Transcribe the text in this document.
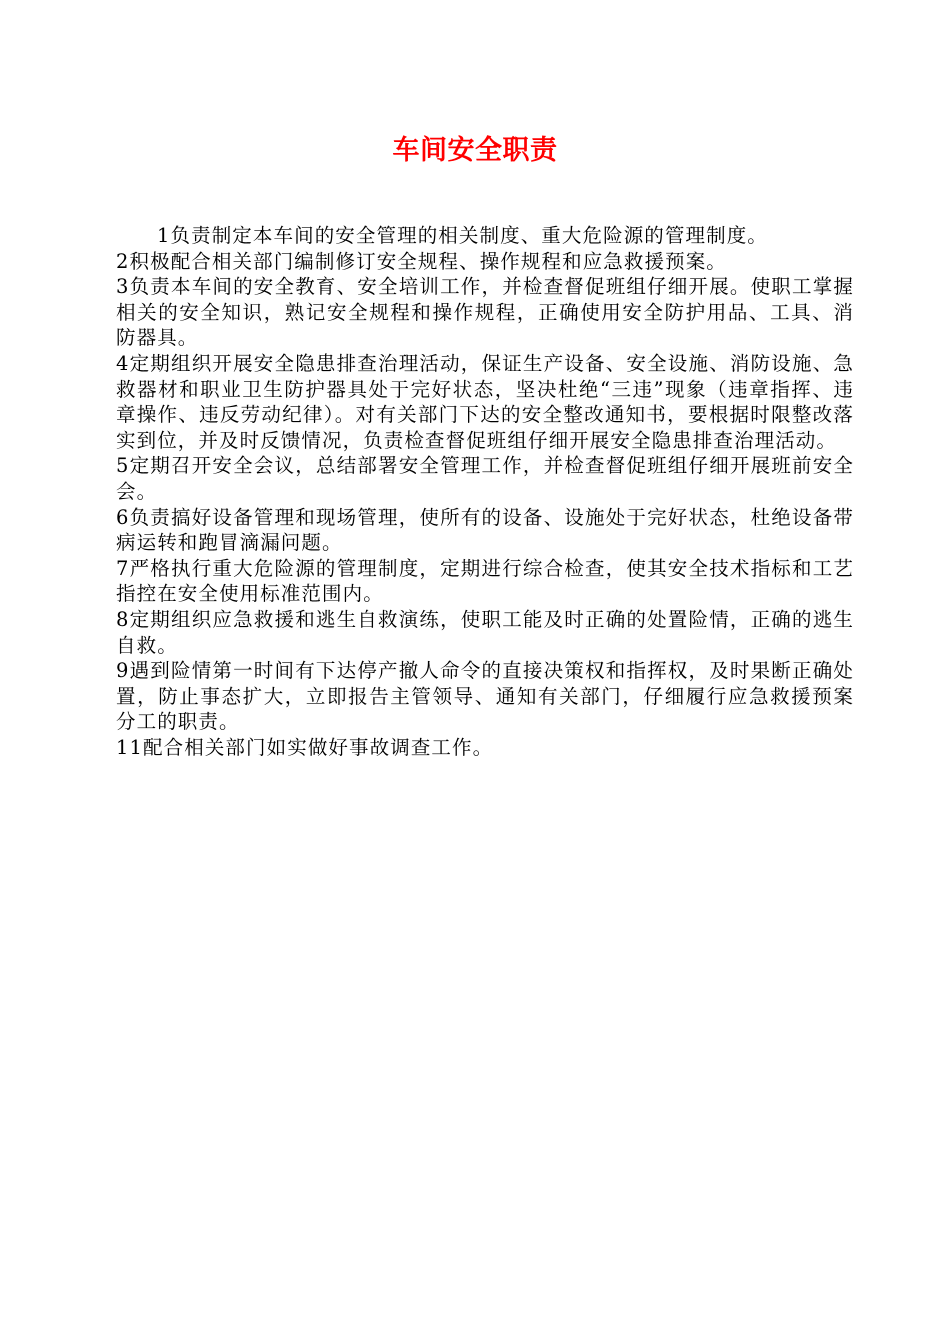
车间安全职责

1负责制定本车间的安全管理的相关制度、重大危险源的管理制度。

2积极配合相关部门编制修订安全规程、操作规程和应急救援预案。

3负责本车间的安全教育、安全培训工作，并检查督促班组仔细开展。使职工掌握相关的安全知识，熟记安全规程和操作规程，正确使用安全防护用品、工具、消防器具。

4定期组织开展安全隐患排查治理活动，保证生产设备、安全设施、消防设施、急救器材和职业卫生防护器具处于完好状态，坚决杜绝“三违”现象（违章指挥、违章操作、违反劳动纪律）。对有关部门下达的安全整改通知书，要根据时限整改落实到位，并及时反馈情况，负责检查督促班组仔细开展安全隐患排查治理活动。

5定期召开安全会议，总结部署安全管理工作，并检查督促班组仔细开展班前安全会。

6负责搞好设备管理和现场管理，使所有的设备、设施处于完好状态，杜绝设备带病运转和跑冒滴漏问题。

7严格执行重大危险源的管理制度，定期进行综合检查，使其安全技术指标和工艺指控在安全使用标准范围内。

8定期组织应急救援和逃生自救演练，使职工能及时正确的处置险情，正确的逃生自救。

9遇到险情第一时间有下达停产撤人命令的直接决策权和指挥权，及时果断正确处置，防止事态扩大，立即报告主管领导、通知有关部门，仔细履行应急救援预案分工的职责。

11配合相关部门如实做好事故调查工作。
